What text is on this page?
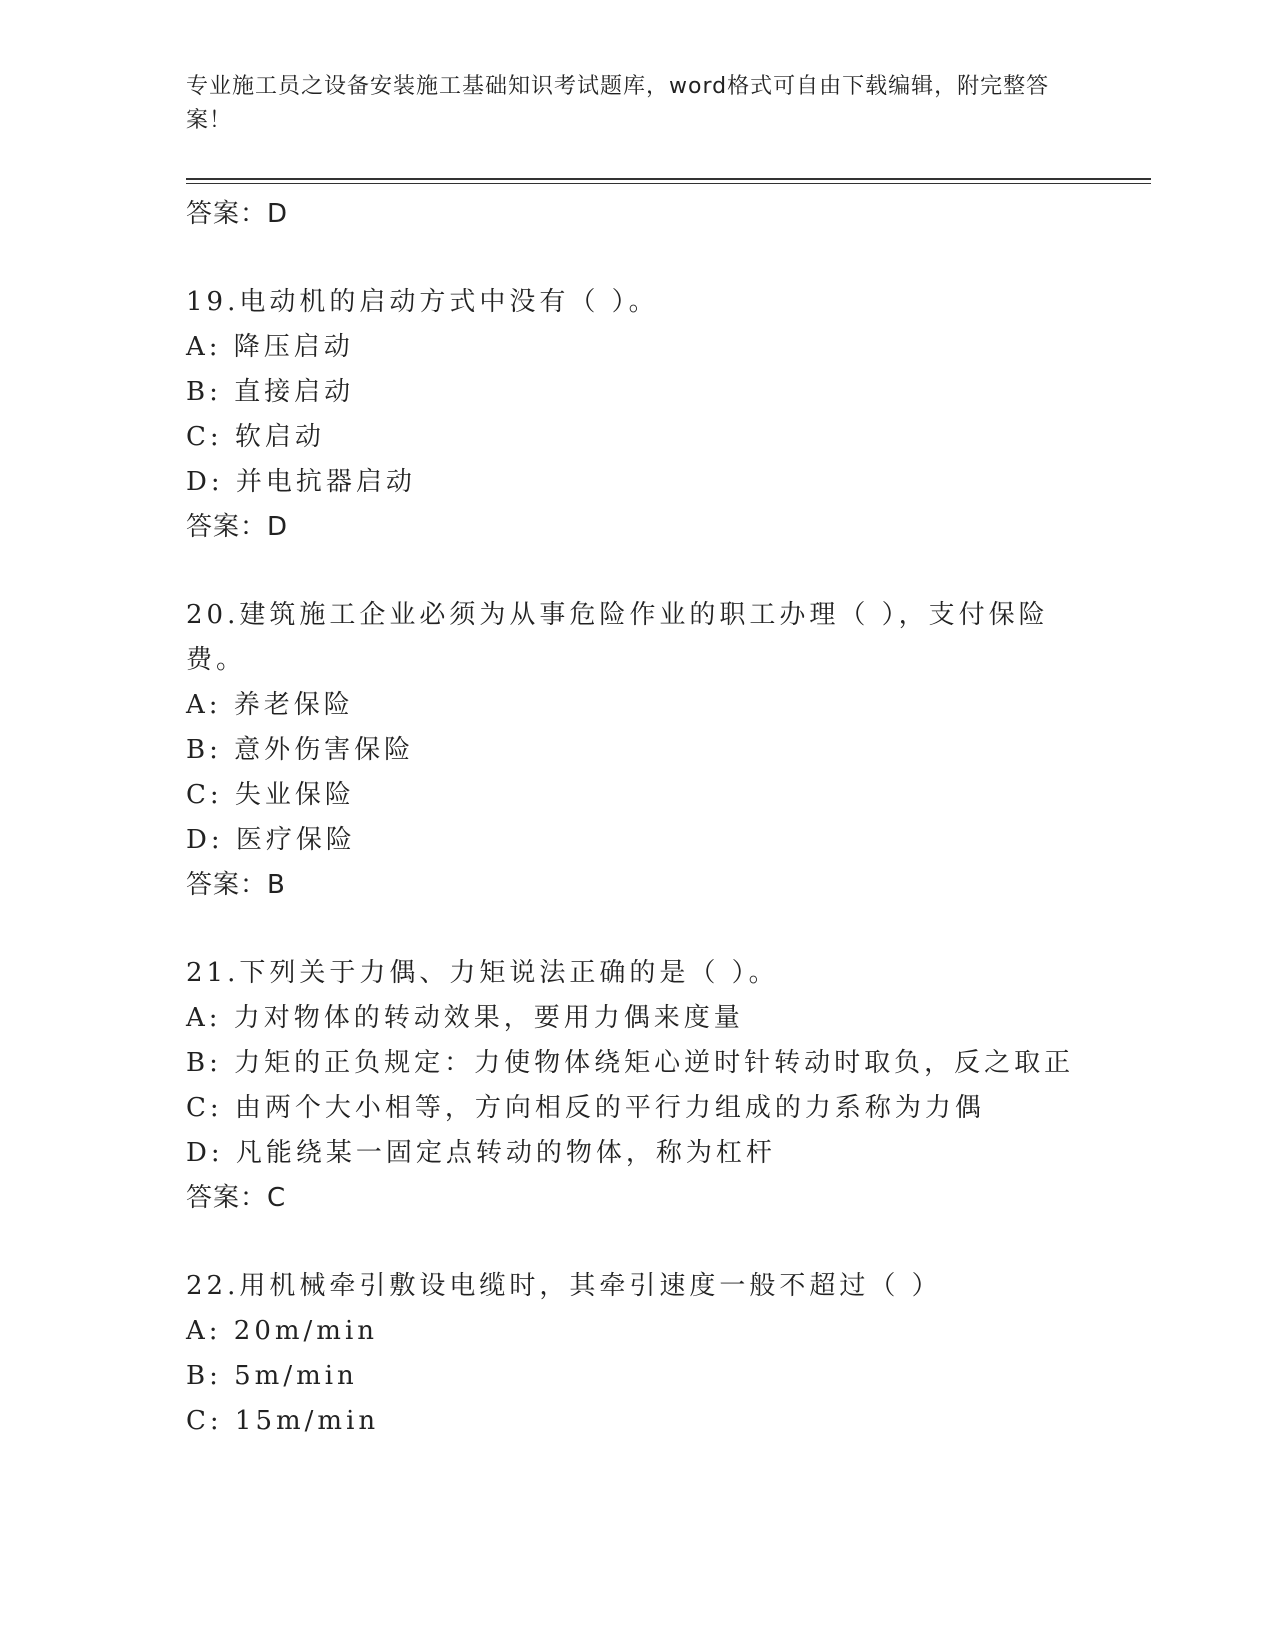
专业施工员之设备安装施工基础知识考试题库，word格式可自由下载编辑，附完整答案！
答案：D
19.电动机的启动方式中没有（ ）。
A: 降压启动
B: 直接启动
C: 软启动
D: 并电抗器启动
答案：D
20.建筑施工企业必须为从事危险作业的职工办理（ ），支付保险费。
A: 养老保险
B: 意外伤害保险
C: 失业保险
D: 医疗保险
答案：B
21.下列关于力偶、力矩说法正确的是（ ）。
A: 力对物体的转动效果，要用力偶来度量
B: 力矩的正负规定：力使物体绕矩心逆时针转动时取负，反之取正
C: 由两个大小相等，方向相反的平行力组成的力系称为力偶
D: 凡能绕某一固定点转动的物体，称为杠杆
答案：C
22.用机械牵引敷设电缆时，其牵引速度一般不超过（ ）
A: 20m/min
B: 5m/min
C: 15m/min
